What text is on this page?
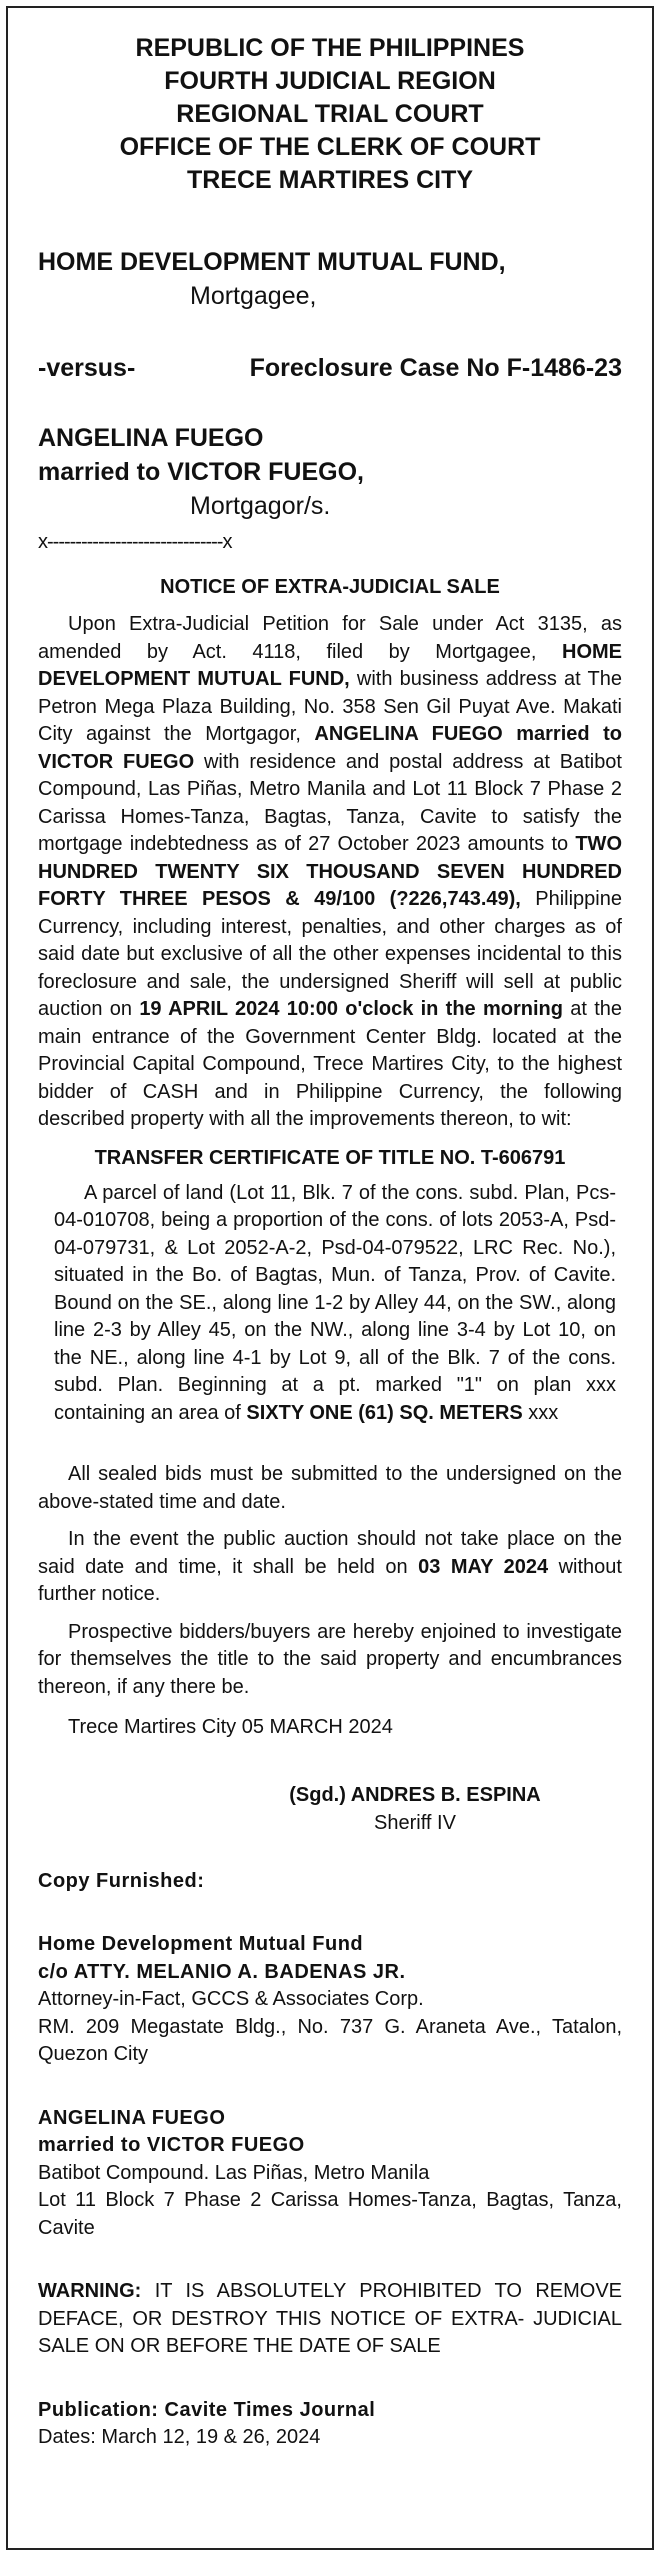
REPUBLIC OF THE PHILIPPINES
FOURTH JUDICIAL REGION
REGIONAL TRIAL COURT
OFFICE OF THE CLERK OF COURT
TRECE MARTIRES CITY
HOME DEVELOPMENT MUTUAL FUND,
Mortgagee,
-versus-	Foreclosure Case No F-1486-23
ANGELINA FUEGO
married to VICTOR FUEGO,
Mortgagor/s.
x-------------------------------x
NOTICE OF EXTRA-JUDICIAL SALE

Upon Extra-Judicial Petition for Sale under Act 3135, as amended by Act. 4118, filed by Mortgagee, HOME DEVELOPMENT MUTUAL FUND, with business address at The Petron Mega Plaza Building, No. 358 Sen Gil Puyat Ave. Makati City against the Mortgagor, ANGELINA FUEGO married to VICTOR FUEGO with residence and postal address at Batibot Compound, Las Piñas, Metro Manila and Lot 11 Block 7 Phase 2 Carissa Homes-Tanza, Bagtas, Tanza, Cavite to satisfy the mortgage indebtedness as of 27 October 2023 amounts to TWO HUNDRED TWENTY SIX THOUSAND SEVEN HUNDRED FORTY THREE PESOS & 49/100 (?226,743.49), Philippine Currency, including interest, penalties, and other charges as of said date but exclusive of all the other expenses incidental to this foreclosure and sale, the undersigned Sheriff will sell at public auction on 19 APRIL 2024 10:00 o'clock in the morning at the main entrance of the Government Center Bldg. located at the Provincial Capital Compound, Trece Martires City, to the highest bidder of CASH and in Philippine Currency, the following described property with all the improvements thereon, to wit:

TRANSFER CERTIFICATE OF TITLE NO. T-606791

A parcel of land (Lot 11, Blk. 7 of the cons. subd. Plan, Pcs-04-010708, being a proportion of the cons. of lots 2053-A, Psd-04-079731, & Lot 2052-A-2, Psd-04-079522, LRC Rec. No.), situated in the Bo. of Bagtas, Mun. of Tanza, Prov. of Cavite. Bound on the SE., along line 1-2 by Alley 44, on the SW., along line 2-3 by Alley 45, on the NW., along line 3-4 by Lot 10, on the NE., along line 4-1 by Lot 9, all of the Blk. 7 of the cons. subd. Plan. Beginning at a pt. marked "1" on plan xxx containing an area of SIXTY ONE (61) SQ. METERS xxx

All sealed bids must be submitted to the undersigned on the above-stated time and date.

In the event the public auction should not take place on the said date and time, it shall be held on 03 MAY 2024 without further notice.

Prospective bidders/buyers are hereby enjoined to investigate for themselves the title to the said property and encumbrances thereon, if any there be.

Trece Martires City 05 MARCH 2024
(Sgd.) ANDRES B. ESPINA
Sheriff IV
Copy Furnished:
Home Development Mutual Fund
c/o ATTY. MELANIO A. BADENAS JR.
Attorney-in-Fact, GCCS & Associates Corp.
RM. 209 Megastate Bldg., No. 737 G. Araneta Ave., Tatalon, Quezon City
ANGELINA FUEGO
married to VICTOR FUEGO
Batibot Compound. Las Piñas, Metro Manila
Lot 11 Block 7 Phase 2 Carissa Homes-Tanza, Bagtas, Tanza, Cavite
WARNING: IT IS ABSOLUTELY PROHIBITED TO REMOVE DEFACE, OR DESTROY THIS NOTICE OF EXTRA- JUDICIAL SALE ON OR BEFORE THE DATE OF SALE
Publication: Cavite Times Journal
Dates: March 12, 19 & 26, 2024
